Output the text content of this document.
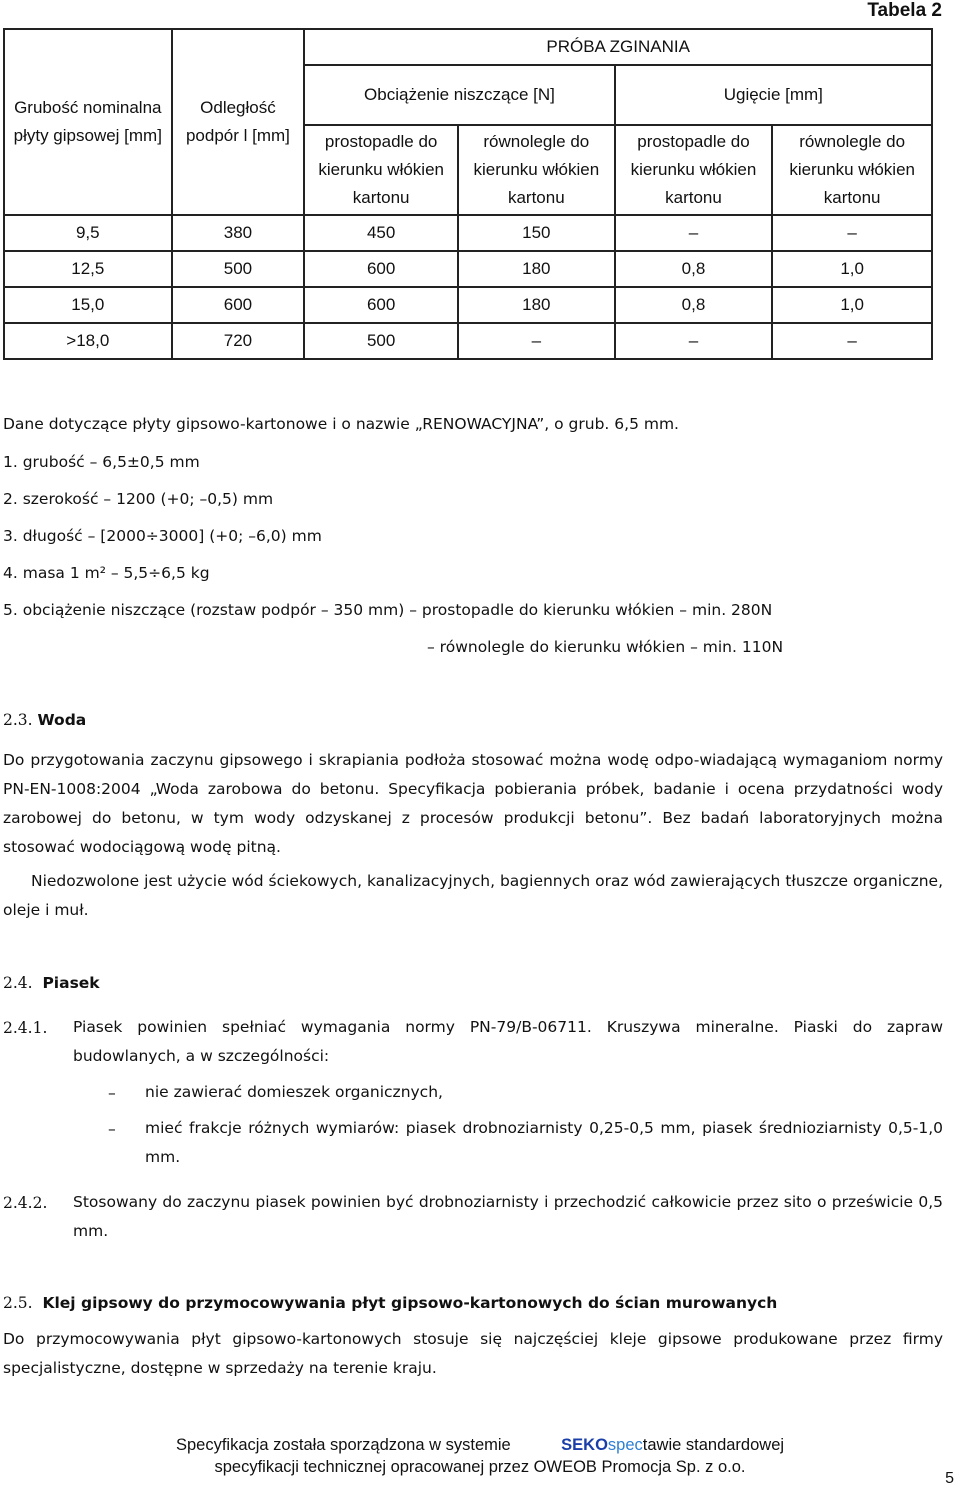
Tabela 2
Grubość nominalna płyty gipsowej [mm]	Odległość podpór l [mm]	PRÓBA ZGINANIA			
		Obciążenie niszczące [N]		Ugięcie [mm]	
		prostopadle do kierunku włókien kartonu	równolegle do kierunku włókien kartonu	prostopadle do kierunku włókien kartonu	równolegle do kierunku włókien kartonu
9,5	380	450	150	–	–
12,5	500	600	180	0,8	1,0
15,0	600	600	180	0,8	1,0
>18,0	720	500	–	–	–
Dane dotyczące płyty gipsowo-kartonowe i o nazwie „RENOWACYJNA”, o grub. 6,5 mm.
1. grubość – 6,5±0,5 mm
2. szerokość – 1200 (+0; –0,5) mm
3. długość – [2000÷3000] (+0; –6,0) mm
4. masa 1 m² – 5,5÷6,5 kg
5. obciążenie niszczące (rozstaw podpór – 350 mm) – prostopadle do kierunku włókien – min. 280N
– równolegle do kierunku włókien – min. 110N
2.3. Woda
Do przygotowania zaczynu gipsowego i skrapiania podłoża stosować można wodę odpo-wiadającą wymaganiom normy PN-EN-1008:2004 „Woda zarobowa do betonu. Specyfikacja pobierania próbek, badanie i ocena przydatności wody zarobowej do betonu, w tym wody odzyskanej z procesów produkcji betonu”. Bez badań laboratoryjnych można stosować wodociągową wodę pitną.
Niedozwolone jest użycie wód ściekowych, kanalizacyjnych, bagiennych oraz wód zawierających tłuszcze organiczne, oleje i muł.
2.4. Piasek
2.4.1. Piasek powinien spełniać wymagania normy PN-79/B-06711. Kruszywa mineralne. Piaski do zapraw budowlanych, a w szczególności:
– nie zawierać domieszek organicznych,
– mieć frakcje różnych wymiarów: piasek drobnoziarnisty 0,25-0,5 mm, piasek średnioziarnisty 0,5-1,0 mm.
2.4.2. Stosowany do zaczynu piasek powinien być drobnoziarnisty i przechodzić całkowicie przez sito o prześwicie 0,5 mm.
2.5. Klej gipsowy do przymocowywania płyt gipsowo-kartonowych do ścian murowanych
Do przymocowywania płyt gipsowo-kartonowych stosuje się najczęściej kleje gipsowe produkowane przez firmy specjalistyczne, dostępne w sprzedaży na terenie kraju.
Specyfikacja została sporządzona w systemie	SEKOspectawie standardowej
specyfikacji technicznej opracowanej przez OWEOB Promocja Sp. z o.o.
5
